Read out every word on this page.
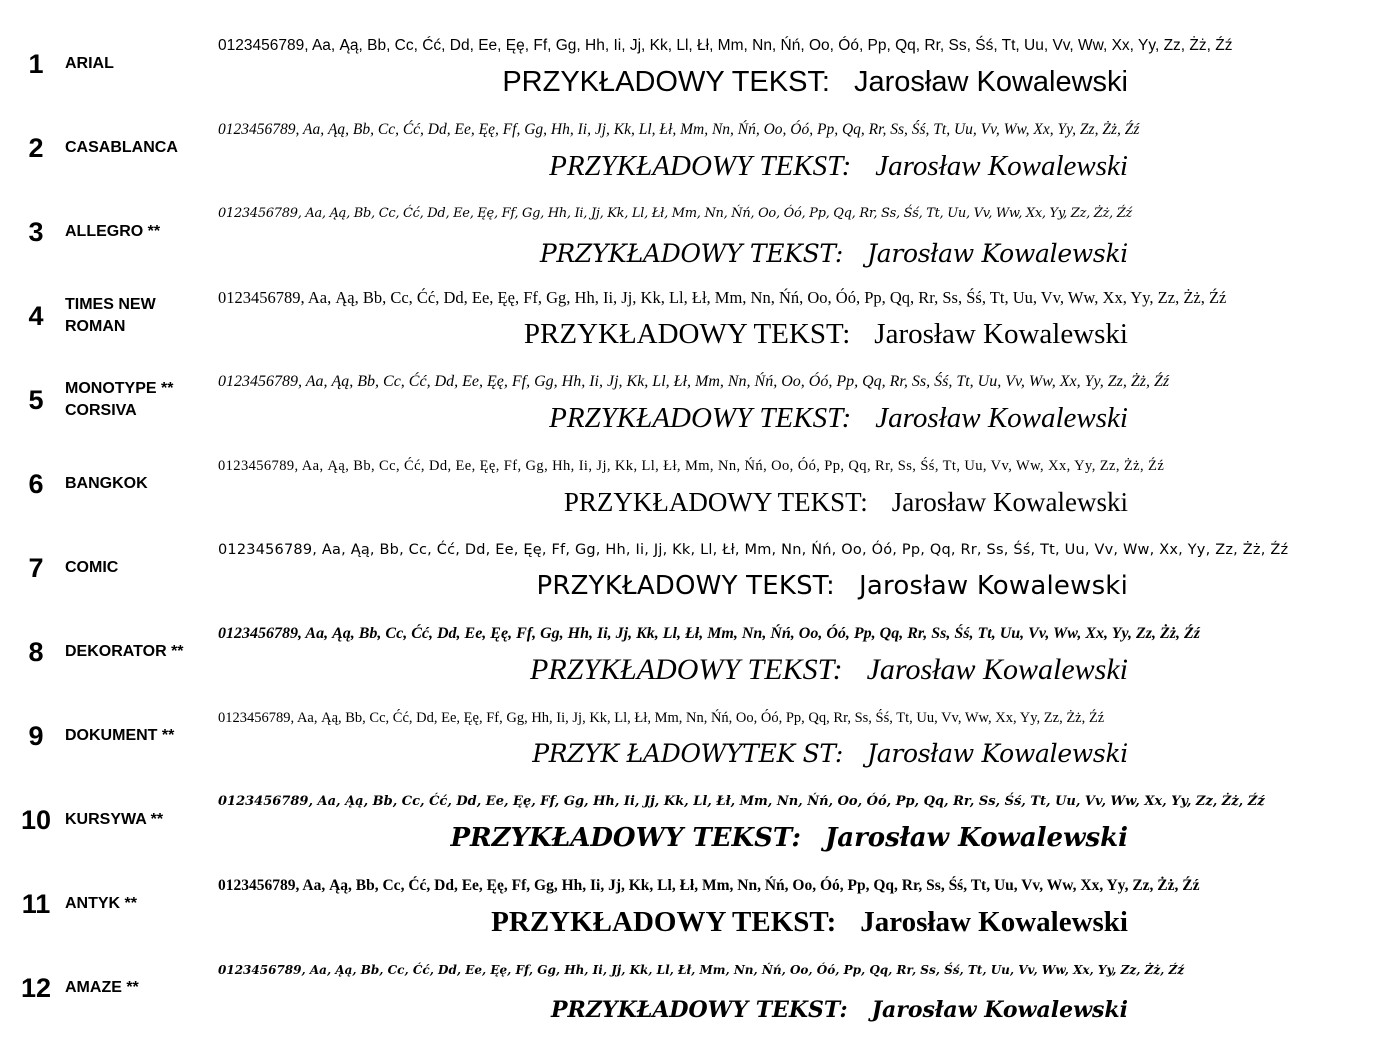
1	ARIAL
0123456789, Aa, Ąą, Bb, Cc, Ćć, Dd, Ee, Ęę, Ff, Gg, Hh, Ii, Jj, Kk, Ll, Łł, Mm, Nn, Ńń, Oo, Óó, Pp, Qq, Rr, Ss, Śś, Tt, Uu, Vv, Ww, Xx, Yy, Zz, Żż, Źź
PRZYKŁADOWY TEKST: Jarosław Kowalewski
2	CASABLANCA
0123456789, Aa, Ąą, Bb, Cc, Ćć, Dd, Ee, Ęę, Ff, Gg, Hh, Ii, Jj, Kk, Ll, Łł, Mm, Nn, Ńń, Oo, Óó, Pp, Qq, Rr, Ss, Śś, Tt, Uu, Vv, Ww, Xx, Yy, Zz, Żż, Źź
PRZYKŁADOWY TEKST: Jarosław Kowalewski
3	ALLEGRO **
0123456789, Aa, Ąą, Bb, Cc, Ćć, Dd, Ee, Ęę, Ff, Gg, Hh, Ii, Jj, Kk, Ll, Łł, Mm, Nn, Ńń, Oo, Óó, Pp, Qq, Rr, Ss, Śś, Tt, Uu, Vv, Ww, Xx, Yy, Zz, Żż, Źź
PRZYKŁADOWY TEKST: Jarosław Kowalewski
4	TIMES NEW ROMAN
0123456789, Aa, Ąą, Bb, Cc, Ćć, Dd, Ee, Ęę, Ff, Gg, Hh, Ii, Jj, Kk, Ll, Łł, Mm, Nn, Ńń, Oo, Óó, Pp, Qq, Rr, Ss, Śś, Tt, Uu, Vv, Ww, Xx, Yy, Zz, Żż, Źź
PRZYKŁADOWY TEKST: Jarosław Kowalewski
5	MONOTYPE ** CORSIVA
0123456789, Aa, Ąą, Bb, Cc, Ćć, Dd, Ee, Ęę, Ff, Gg, Hh, Ii, Jj, Kk, Ll, Łł, Mm, Nn, Ńń, Oo, Óó, Pp, Qq, Rr, Ss, Śś, Tt, Uu, Vv, Ww, Xx, Yy, Zz, Żż, Źź
PRZYKŁADOWY TEKST: Jarosław Kowalewski
6	BANGKOK
0123456789, Aa, Ąą, Bb, Cc, Ćć, Dd, Ee, Ęę, Ff, Gg, Hh, Ii, Jj, Kk, Ll, Łł, Mm, Nn, Ńń, Oo, Óó, Pp, Qq, Rr, Ss, Śś, Tt, Uu, Vv, Ww, Xx, Yy, Zz, Żż, Źź
PRZYKŁADOWY TEKST: Jarosław Kowalewski
7	COMIC
0123456789, Aa, Ąą, Bb, Cc, Ćć, Dd, Ee, Ęę, Ff, Gg, Hh, Ii, Jj, Kk, Ll, Łł, Mm, Nn, Ńń, Oo, Óó, Pp, Qq, Rr, Ss, Śś, Tt, Uu, Vv, Ww, Xx, Yy, Zz, Żż, Źź
PRZYKŁADOWY TEKST: Jarosław Kowalewski
8	DEKORATOR **
0123456789, Aa, Ąą, Bb, Cc, Ćć, Dd, Ee, Ęę, Ff, Gg, Hh, Ii, Jj, Kk, Ll, Łł, Mm, Nn, Ńń, Oo, Óó, Pp, Qq, Rr, Ss, Śś, Tt, Uu, Vv, Ww, Xx, Yy, Zz, Żż, Źź
PRZYKŁADOWY TEKST: Jarosław Kowalewski
9	DOKUMENT **
0123456789, Aa, Ąą, Bb, Cc, Ćć, Dd, Ee, Ęę, Ff, Gg, Hh, Ii, Jj, Kk, Ll, Łł, Mm, Nn, Ńń, Oo, Óó, Pp, Qq, Rr, Ss, Śś, Tt, Uu, Vv, Ww, Xx, Yy, Zz, Żż, Źź
PRZYK ŁADOWYTEK ST: Jarosław Kowalewski
10 KURSYWA **
0123456789, Aa, Ąą, Bb, Cc, Ćć, Dd, Ee, Ęę, Ff, Gg, Hh, Ii, Jj, Kk, Ll, Łł, Mm, Nn, Ńń, Oo, Óó, Pp, Qq, Rr, Ss, Śś, Tt, Uu, Vv, Ww, Xx, Yy, Zz, Żż, Źź
PRZYKŁADOWY TEKST: Jarosław Kowalewski
11 ANTYK **
0123456789, Aa, Ąą, Bb, Cc, Ćć, Dd, Ee, Ęę, Ff, Gg, Hh, Ii, Jj, Kk, Ll, Łł, Mm, Nn, Ńń, Oo, Óó, Pp, Qq, Rr, Ss, Śś, Tt, Uu, Vv, Ww, Xx, Yy, Zz, Żż, Źź
PRZYKŁADOWY TEKST: Jarosław Kowalewski
12 AMAZE **
0123456789, Aa, Ąą, Bb, Cc, Ćć, Dd, Ee, Ęę, Ff, Gg, Hh, Ii, Jj, Kk, Ll, Łł, Mm, Nn, Ńń, Oo, Óó, Pp, Qq, Rr, Ss, Śś, Tt, Uu, Vv, Ww, Xx, Yy, Zz, Żż, Źź
PRZYKŁADOWY TEKST: Jarosław Kowalewski
